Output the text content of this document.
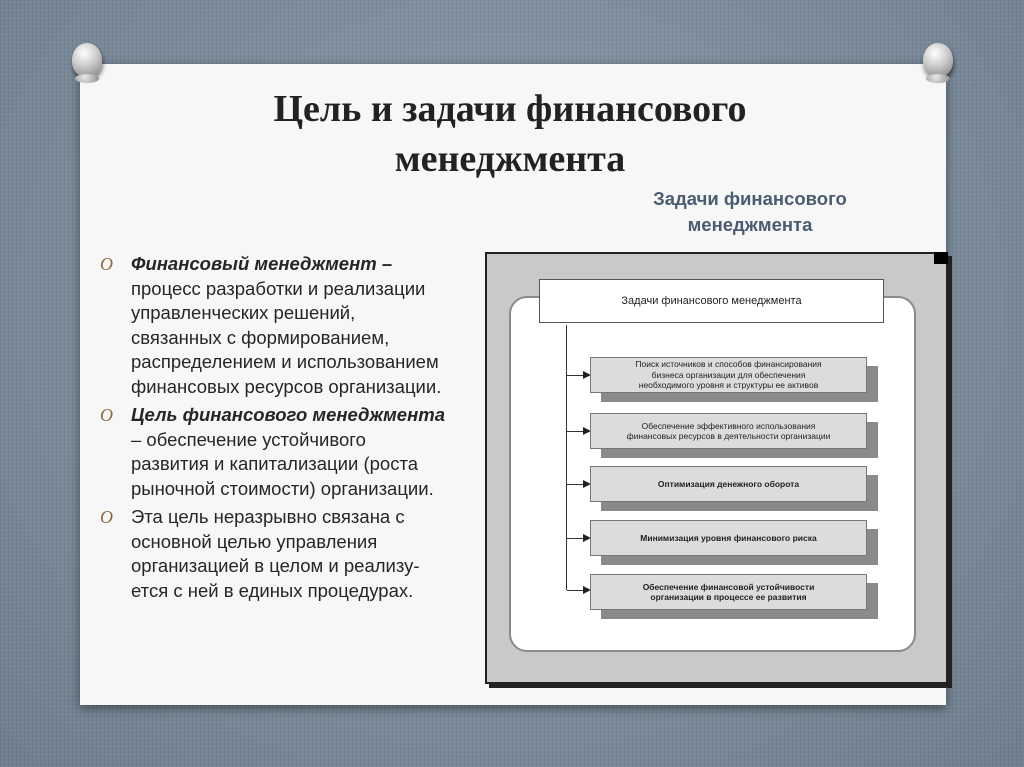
Цель и задачи финансового
менеджмента
Задачи финансового
менеджмента
O Финансовый менеджмент –
процесс разработки и реализации
управленческих решений,
связанных с формированием,
распределением и использованием
финансовых ресурсов организации.
O Цель финансового менеджмента
– обеспечение устойчивого
развития и капитализации (роста
рыночной стоимости) организации.
O Эта цель неразрывно связана с
основной целью управления
организацией в целом и реализу-
ется с ней в единых процедурах.
Задачи финансового менеджмента
Поиск источников и способов финансирования
бизнеса организации для обеспечения
необходимого уровня и структуры ее активов
Обеспечение эффективного использования
финансовых ресурсов в деятельности организации
Оптимизация денежного оборота
Минимизация уровня финансового риска
Обеспечение финансовой устойчивости
организации в процессе ее развития
